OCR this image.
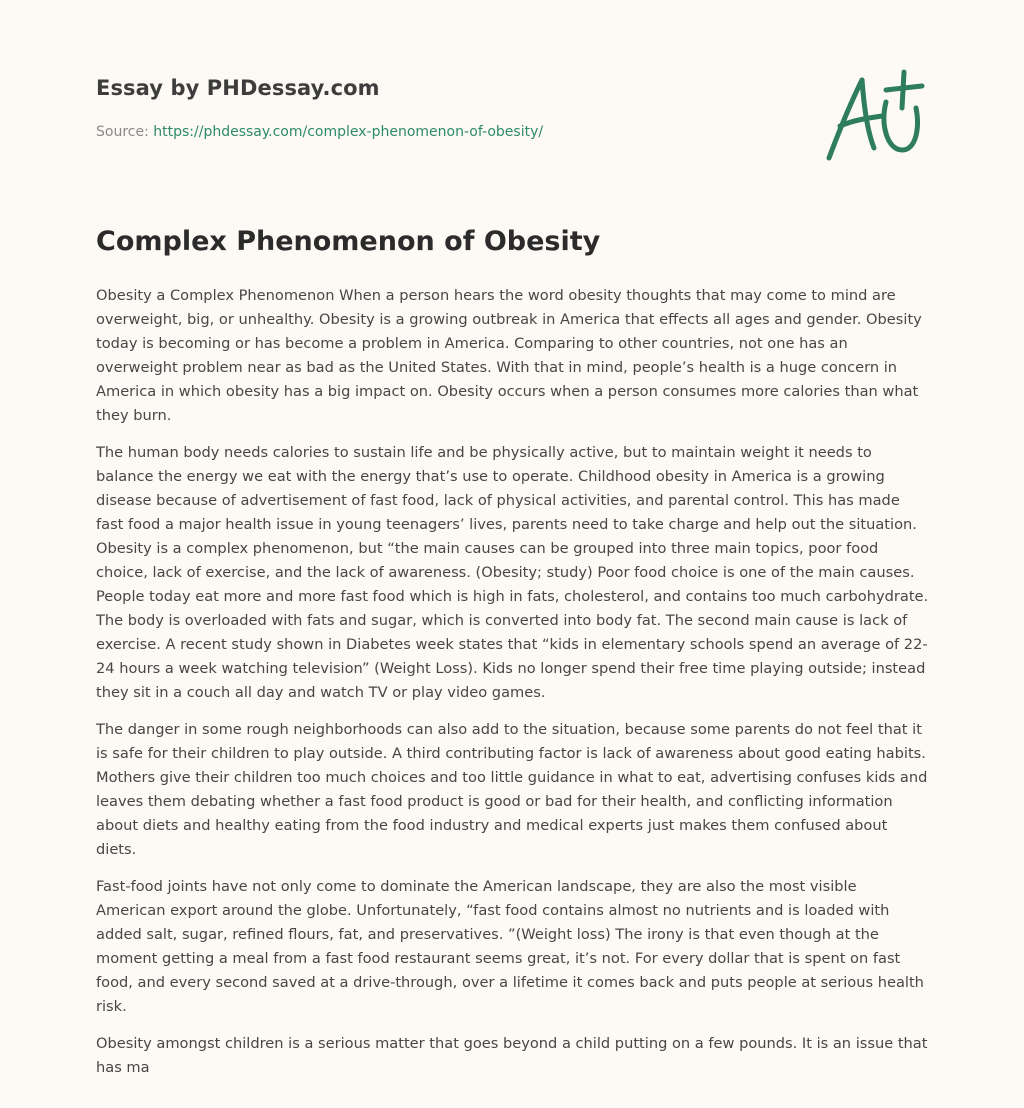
Essay by PHDessay.com
Source: https://phdessay.com/complex-phenomenon-of-obesity/
Complex Phenomenon of Obesity

Obesity a Complex Phenomenon When a person hears the word obesity thoughts that may come to mind are overweight, big, or unhealthy. Obesity is a growing outbreak in America that effects all ages and gender. Obesity today is becoming or has become a problem in America. Comparing to other countries, not one has an overweight problem near as bad as the United States. With that in mind, people’s health is a huge concern in America in which obesity has a big impact on. Obesity occurs when a person consumes more calories than what they burn.

The human body needs calories to sustain life and be physically active, but to maintain weight it needs to balance the energy we eat with the energy that’s use to operate. Childhood obesity in America is a growing disease because of advertisement of fast food, lack of physical activities, and parental control. This has made fast food a major health issue in young teenagers’ lives, parents need to take charge and help out the situation. Obesity is a complex phenomenon, but “the main causes can be grouped into three main topics, poor food choice, lack of exercise, and the lack of awareness. (Obesity; study) Poor food choice is one of the main causes. People today eat more and more fast food which is high in fats, cholesterol, and contains too much carbohydrate. The body is overloaded with fats and sugar, which is converted into body fat. The second main cause is lack of exercise. A recent study shown in Diabetes week states that “kids in elementary schools spend an average of 22-24 hours a week watching television” (Weight Loss). Kids no longer spend their free time playing outside; instead they sit in a couch all day and watch TV or play video games.

The danger in some rough neighborhoods can also add to the situation, because some parents do not feel that it is safe for their children to play outside. A third contributing factor is lack of awareness about good eating habits. Mothers give their children too much choices and too little guidance in what to eat, advertising confuses kids and leaves them debating whether a fast food product is good or bad for their health, and conflicting information about diets and healthy eating from the food industry and medical experts just makes them confused about diets.

Fast-food joints have not only come to dominate the American landscape, they are also the most visible American export around the globe. Unfortunately, “fast food contains almost no nutrients and is loaded with added salt, sugar, refined flours, fat, and preservatives. ”(Weight loss) The irony is that even though at the moment getting a meal from a fast food restaurant seems great, it’s not. For every dollar that is spent on fast food, and every second saved at a drive-through, over a lifetime it comes back and puts people at serious health risk.

Obesity amongst children is a serious matter that goes beyond a child putting on a few pounds. It is an issue that has ma
